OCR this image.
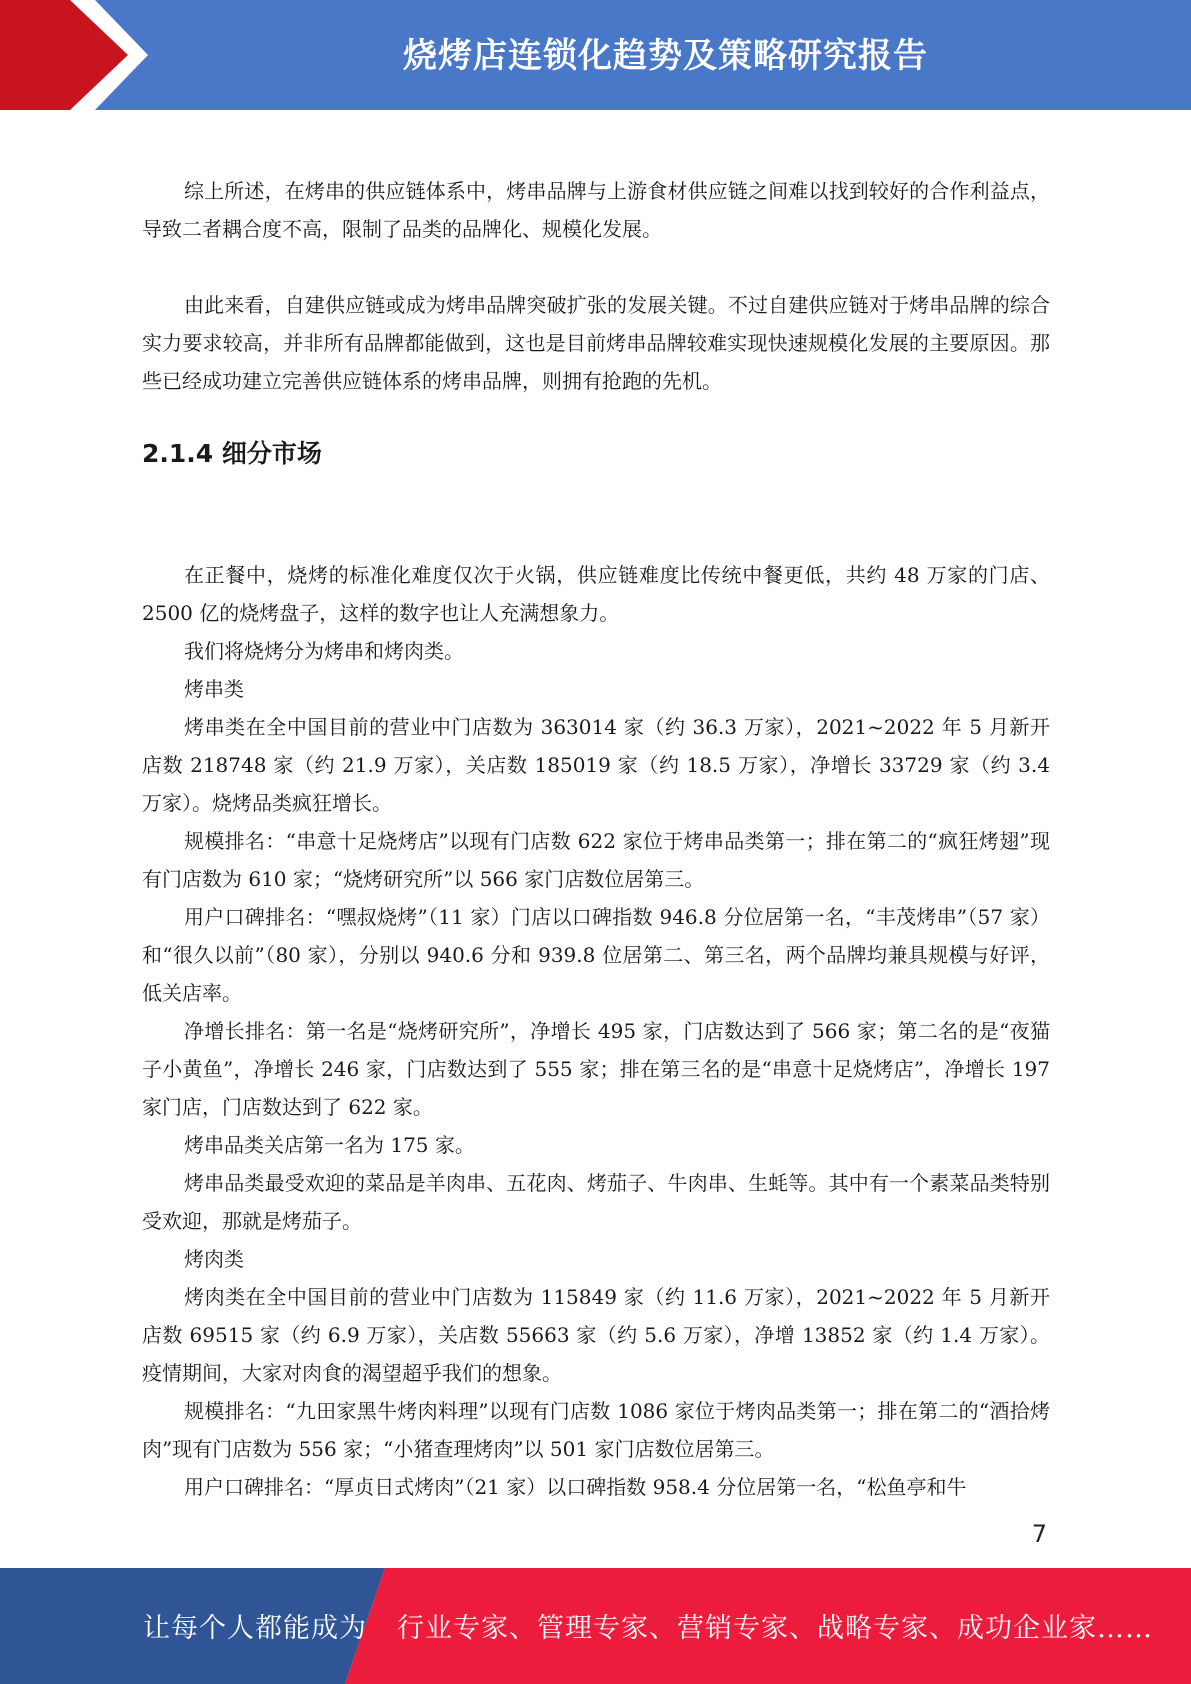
烧烤店连锁化趋势及策略研究报告

综上所述，在烤串的供应链体系中，烤串品牌与上游食材供应链之间难以找到较好的合作利益点，导致二者耦合度不高，限制了品类的品牌化、规模化发展。

由此来看，自建供应链或成为烤串品牌突破扩张的发展关键。不过自建供应链对于烤串品牌的综合实力要求较高，并非所有品牌都能做到，这也是目前烤串品牌较难实现快速规模化发展的主要原因。那些已经成功建立完善供应链体系的烤串品牌，则拥有抢跑的先机。

2.1.4 细分市场

在正餐中，烧烤的标准化难度仅次于火锅，供应链难度比传统中餐更低，共约 48 万家的门店、2500 亿的烧烤盘子，这样的数字也让人充满想象力。

我们将烧烤分为烤串和烤肉类。

烤串类

烤串类在全中国目前的营业中门店数为 363014 家（约 36.3 万家），2021~2022 年 5 月新开店数 218748 家（约 21.9 万家），关店数 185019 家（约 18.5 万家），净增长 33729 家（约 3.4 万家）。烧烤品类疯狂增长。

规模排名：“串意十足烧烤店”以现有门店数 622 家位于烤串品类第一；排在第二的“疯狂烤翅”现有门店数为 610 家；“烧烤研究所”以 566 家门店数位居第三。

用户口碑排名：“嘿叔烧烤”（11 家）门店以口碑指数 946.8 分位居第一名，“丰茂烤串”（57 家）和“很久以前”（80 家），分别以 940.6 分和 939.8 位居第二、第三名，两个品牌均兼具规模与好评，低关店率。

净增长排名：第一名是“烧烤研究所”，净增长 495 家，门店数达到了 566 家；第二名的是“夜猫子小黄鱼”，净增长 246 家，门店数达到了 555 家；排在第三名的是“串意十足烧烤店”，净增长 197 家门店，门店数达到了 622 家。

烤串品类关店第一名为 175 家。

烤串品类最受欢迎的菜品是羊肉串、五花肉、烤茄子、牛肉串、生蚝等。其中有一个素菜品类特别受欢迎，那就是烤茄子。

烤肉类

烤肉类在全中国目前的营业中门店数为 115849 家（约 11.6 万家），2021~2022 年 5 月新开店数 69515 家（约 6.9 万家），关店数 55663 家（约 5.6 万家），净增 13852 家（约 1.4 万家）。疫情期间，大家对肉食的渴望超乎我们的想象。

规模排名：“九田家黑牛烤肉料理”以现有门店数 1086 家位于烤肉品类第一；排在第二的“酒拾烤肉”现有门店数为 556 家；“小猪查理烤肉”以 501 家门店数位居第三。

用户口碑排名：“厚贞日式烤肉”（21 家）以口碑指数 958.4 分位居第一名，“松鱼亭和牛

7
让每个人都能成为 行业专家、管理专家、营销专家、战略专家、成功企业家……
